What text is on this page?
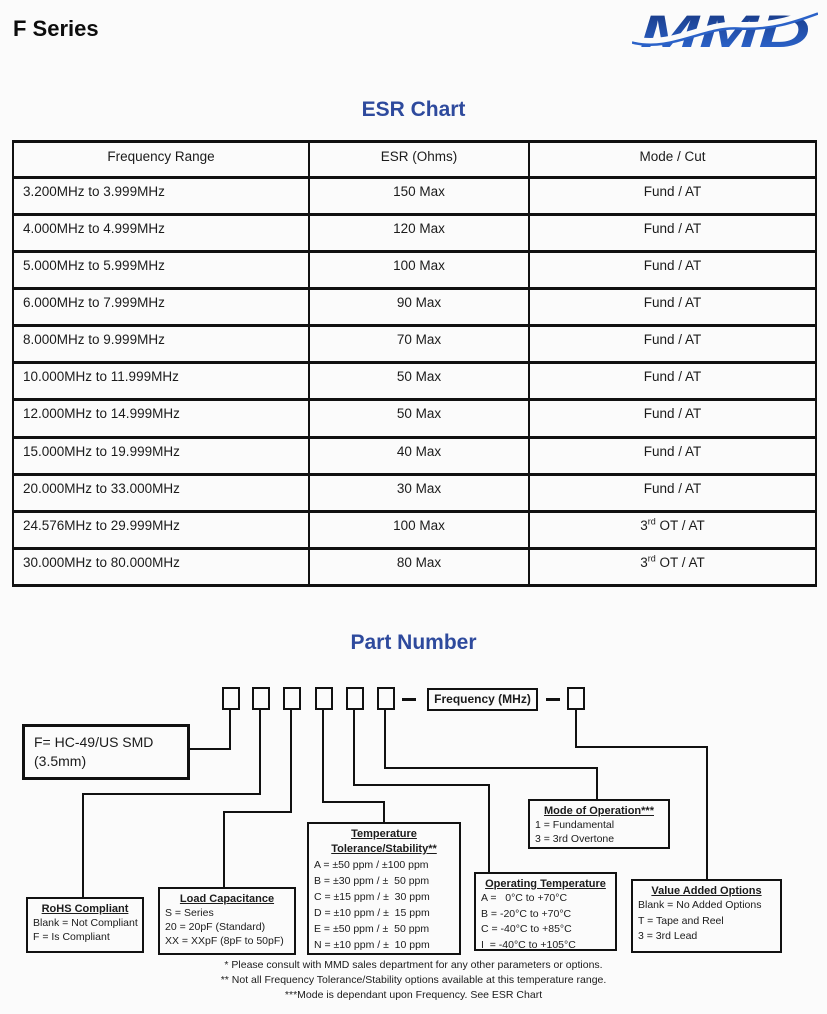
F Series	MMD
ESR Chart
Frequency Range	ESR (Ohms)	Mode / Cut
3.200MHz to 3.999MHz	150 Max	Fund / AT
4.000MHz to 4.999MHz	120 Max	Fund / AT
5.000MHz to 5.999MHz	100 Max	Fund / AT
6.000MHz to 7.999MHz	90 Max	Fund / AT
8.000MHz to 9.999MHz	70 Max	Fund / AT
10.000MHz to 11.999MHz	50 Max	Fund / AT
12.000MHz to 14.999MHz	50 Max	Fund / AT
15.000MHz to 19.999MHz	40 Max	Fund / AT
20.000MHz to 33.000MHz	30 Max	Fund / AT
24.576MHz to 29.999MHz	100 Max	3rd OT / AT
30.000MHz to 80.000MHz	80 Max	3rd OT / AT
Part Number
Frequency (MHz)
F= HC-49/US SMD
(3.5mm)
RoHS Compliant
Blank = Not Compliant
F = Is Compliant
Load Capacitance
S = Series
20 = 20pF (Standard)
XX = XXpF (8pF to 50pF)
Temperature
Tolerance/Stability**
A = ±50 ppm / ±100 ppm
B = ±30 ppm / ±  50 ppm
C = ±15 ppm / ±  30 ppm
D = ±10 ppm / ±  15 ppm
E = ±50 ppm / ±  50 ppm
N = ±10 ppm / ±  10 ppm
Operating Temperature
A =   0°C to +70°C
B = -20°C to +70°C
C = -40°C to +85°C
I  = -40°C to +105°C
Mode of Operation***
1 = Fundamental
3 = 3rd Overtone
Value Added Options
Blank = No Added Options
T = Tape and Reel
3 = 3rd Lead
* Please consult with MMD sales department for any other parameters or options.
** Not all Frequency Tolerance/Stability options available at this temperature range.
***Mode is dependant upon Frequency. See ESR Chart
